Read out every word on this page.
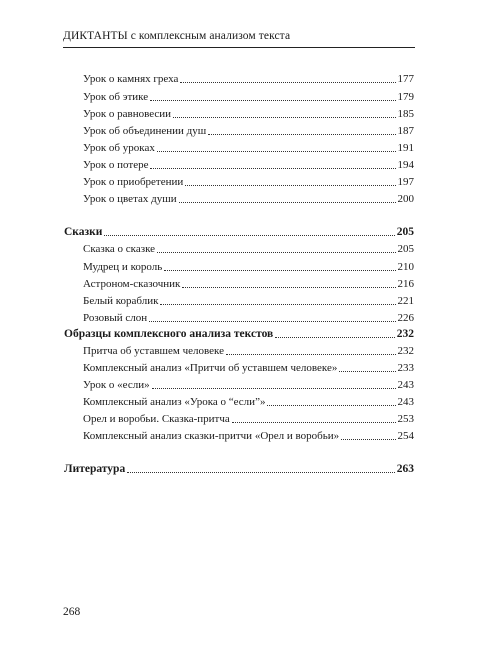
ДИКТАНТЫ с комплексным анализом текста
Урок о камнях греха	177
Урок об этике	179
Урок о равновесии	185
Урок об объединении душ	187
Урок об уроках	191
Урок о потере	194
Урок о приобретении	197
Урок о цветах души	200
Сказки	205
Сказка о сказке	205
Мудрец и король	210
Астроном-сказочник	216
Белый кораблик	221
Розовый слон	226
Образцы комплексного анализа текстов	232
Притча об уставшем человеке	232
Комплексный анализ «Притчи об уставшем человеке»	233
Урок о «если»	243
Комплексный анализ «Урока о “если”»	243
Орел и воробьи. Сказка-притча	253
Комплексный анализ сказки-притчи «Орел и воробьи»	254
Литература	263
268
